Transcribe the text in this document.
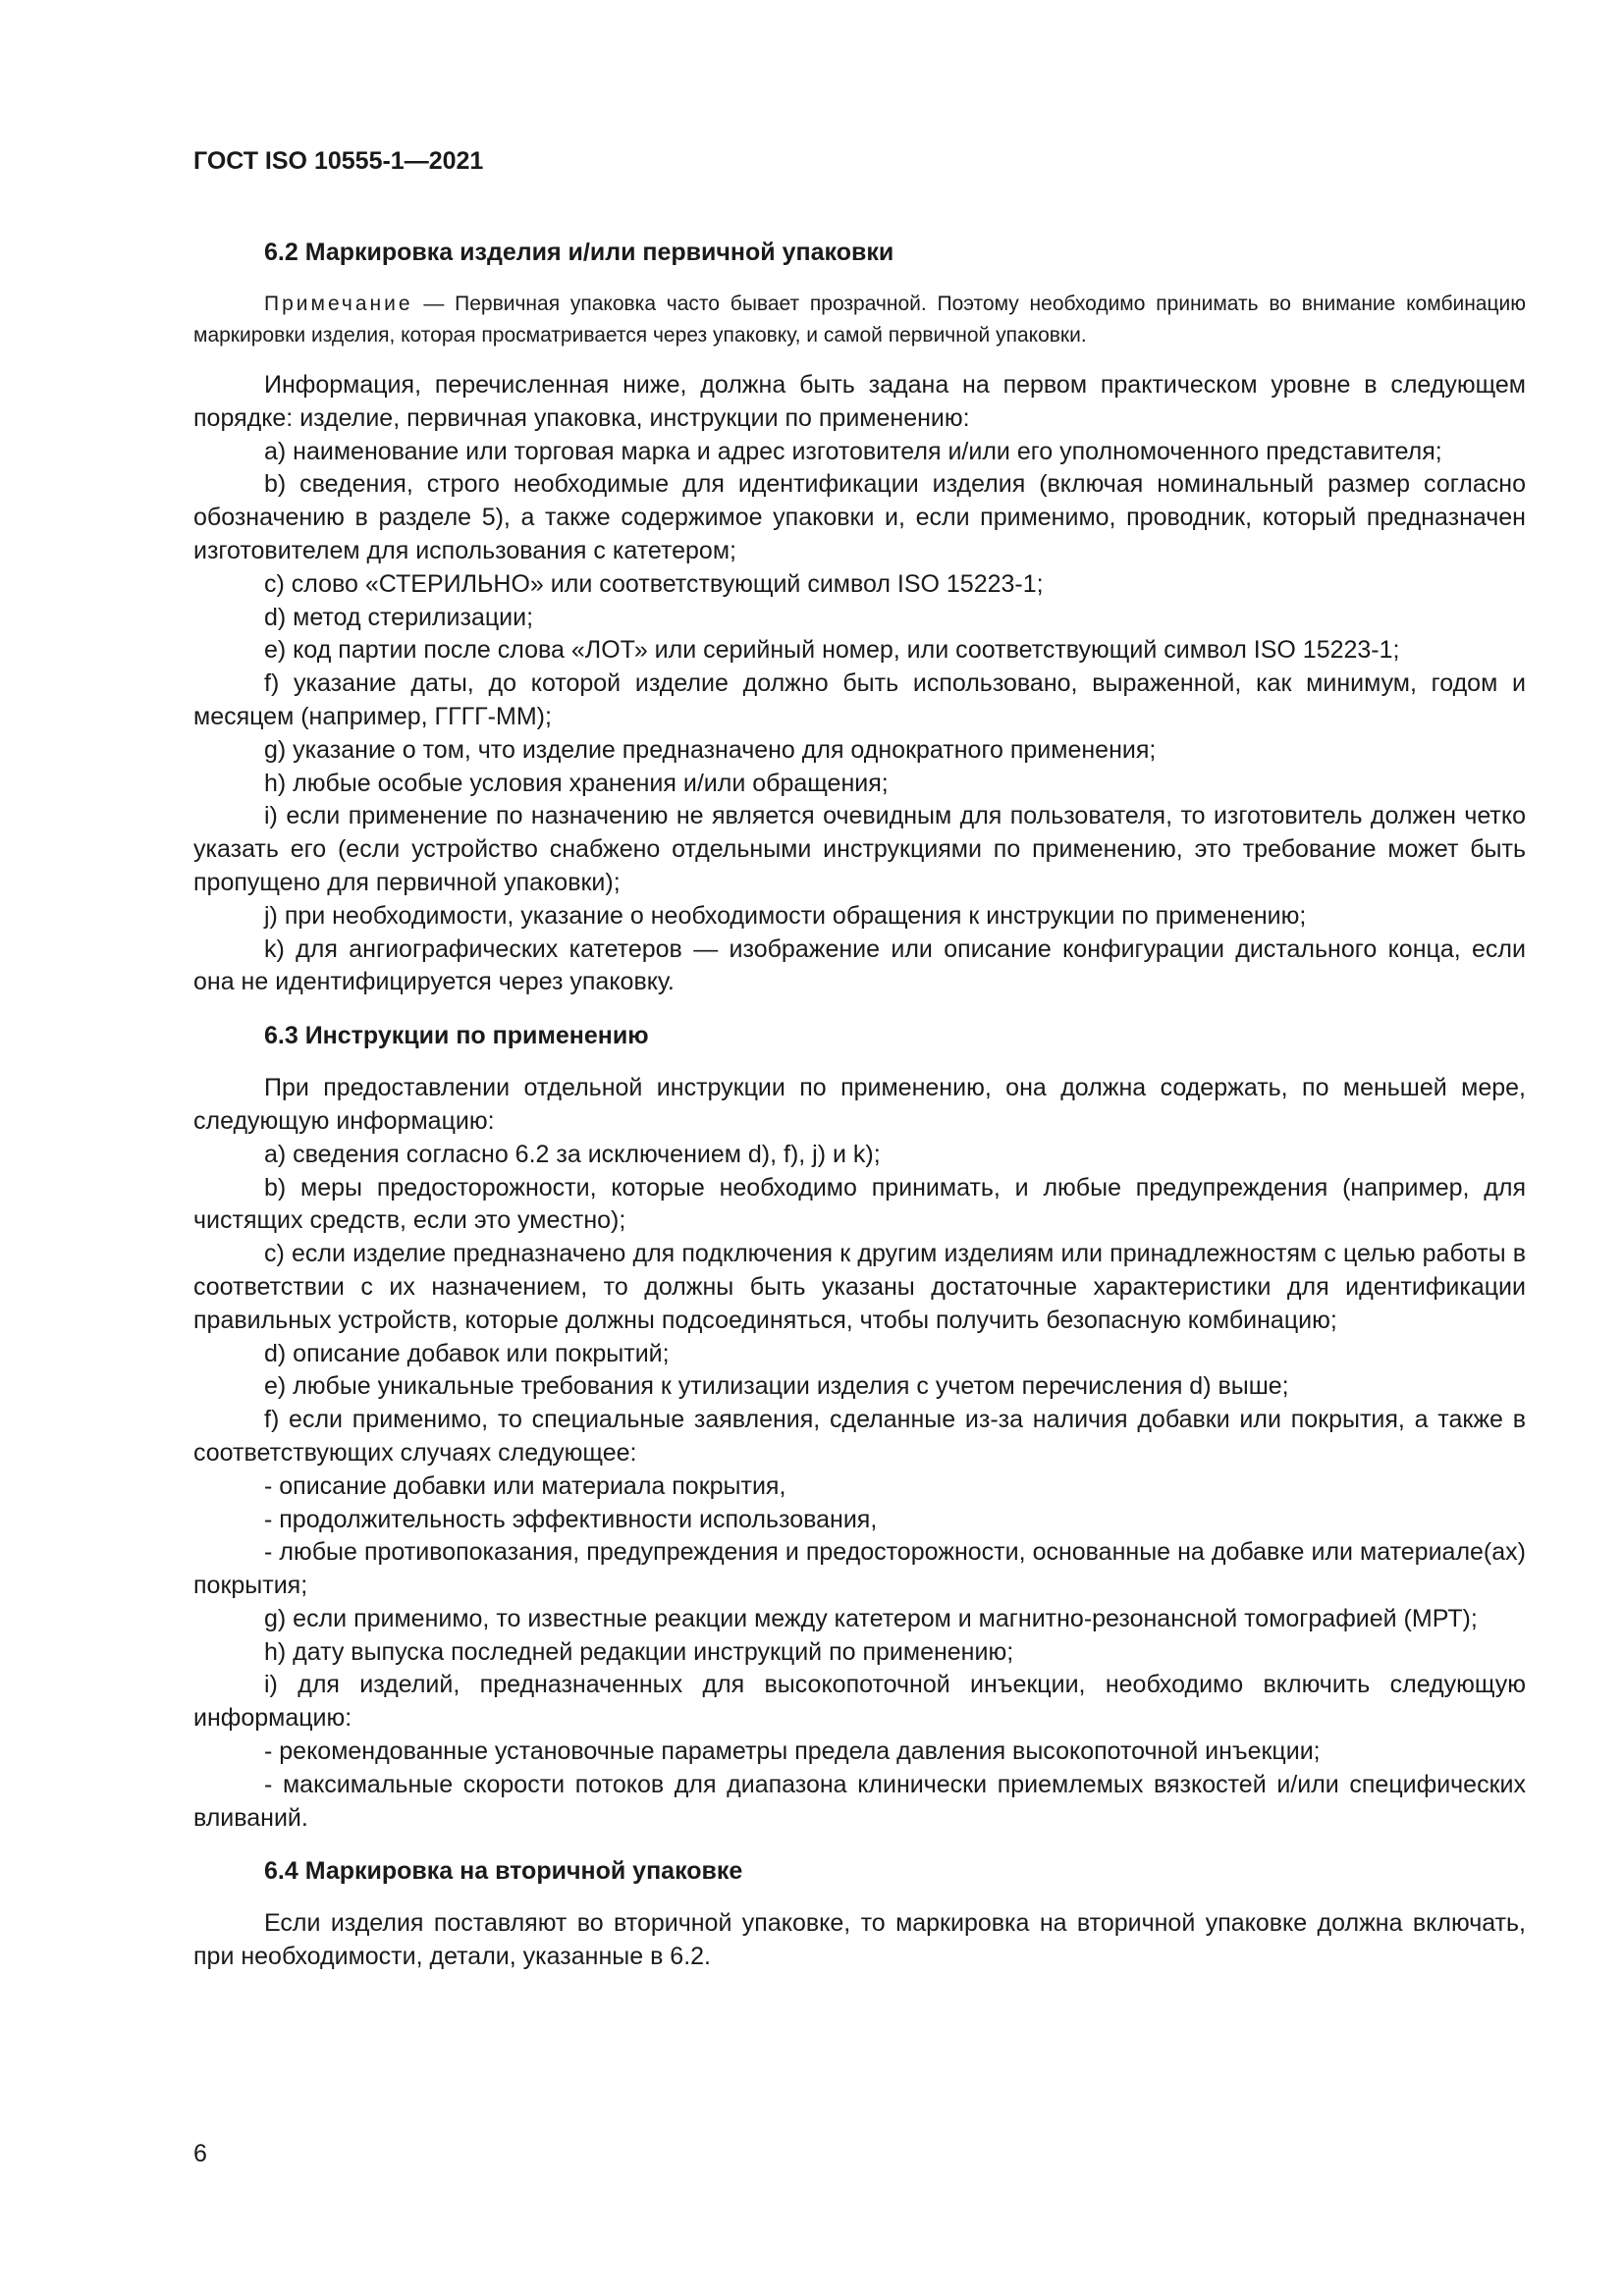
ГОСТ ISO 10555-1—2021
6.2 Маркировка изделия и/или первичной упаковки

Примечание — Первичная упаковка часто бывает прозрачной. Поэтому необходимо принимать во внимание комбинацию маркировки изделия, которая просматривается через упаковку, и самой первичной упаковки.

Информация, перечисленная ниже, должна быть задана на первом практическом уровне в следующем порядке: изделие, первичная упаковка, инструкции по применению:

a) наименование или торговая марка и адрес изготовителя и/или его уполномоченного представителя;

b) сведения, строго необходимые для идентификации изделия (включая номинальный размер согласно обозначению в разделе 5), а также содержимое упаковки и, если применимо, проводник, который предназначен изготовителем для использования с катетером;

c) слово «СТЕРИЛЬНО» или соответствующий символ ISO 15223-1;

d) метод стерилизации;

e) код партии после слова «ЛОТ» или серийный номер, или соответствующий символ ISO 15223-1;

f) указание даты, до которой изделие должно быть использовано, выраженной, как минимум, годом и месяцем (например, ГГГГ-ММ);

g) указание о том, что изделие предназначено для однократного применения;

h) любые особые условия хранения и/или обращения;

i) если применение по назначению не является очевидным для пользователя, то изготовитель должен четко указать его (если устройство снабжено отдельными инструкциями по применению, это требование может быть пропущено для первичной упаковки);

j) при необходимости, указание о необходимости обращения к инструкции по применению;

k) для ангиографических катетеров — изображение или описание конфигурации дистального конца, если она не идентифицируется через упаковку.

6.3 Инструкции по применению

При предоставлении отдельной инструкции по применению, она должна содержать, по меньшей мере, следующую информацию:

a) сведения согласно 6.2 за исключением d), f), j) и k);

b) меры предосторожности, которые необходимо принимать, и любые предупреждения (например, для чистящих средств, если это уместно);

c) если изделие предназначено для подключения к другим изделиям или принадлежностям с целью работы в соответствии с их назначением, то должны быть указаны достаточные характеристики для идентификации правильных устройств, которые должны подсоединяться, чтобы получить безопасную комбинацию;

d) описание добавок или покрытий;

e) любые уникальные требования к утилизации изделия с учетом перечисления d) выше;

f) если применимо, то специальные заявления, сделанные из-за наличия добавки или покрытия, а также в соответствующих случаях следующее:

- описание добавки или материала покрытия,

- продолжительность эффективности использования,

- любые противопоказания, предупреждения и предосторожности, основанные на добавке или материале(ах) покрытия;

g) если применимо, то известные реакции между катетером и магнитно-резонансной томографией (МРТ);

h) дату выпуска последней редакции инструкций по применению;

i) для изделий, предназначенных для высокопоточной инъекции, необходимо включить следующую информацию:

- рекомендованные установочные параметры предела давления высокопоточной инъекции;

- максимальные скорости потоков для диапазона клинически приемлемых вязкостей и/или специфических вливаний.

6.4 Маркировка на вторичной упаковке

Если изделия поставляют во вторичной упаковке, то маркировка на вторичной упаковке должна включать, при необходимости, детали, указанные в 6.2.

6
